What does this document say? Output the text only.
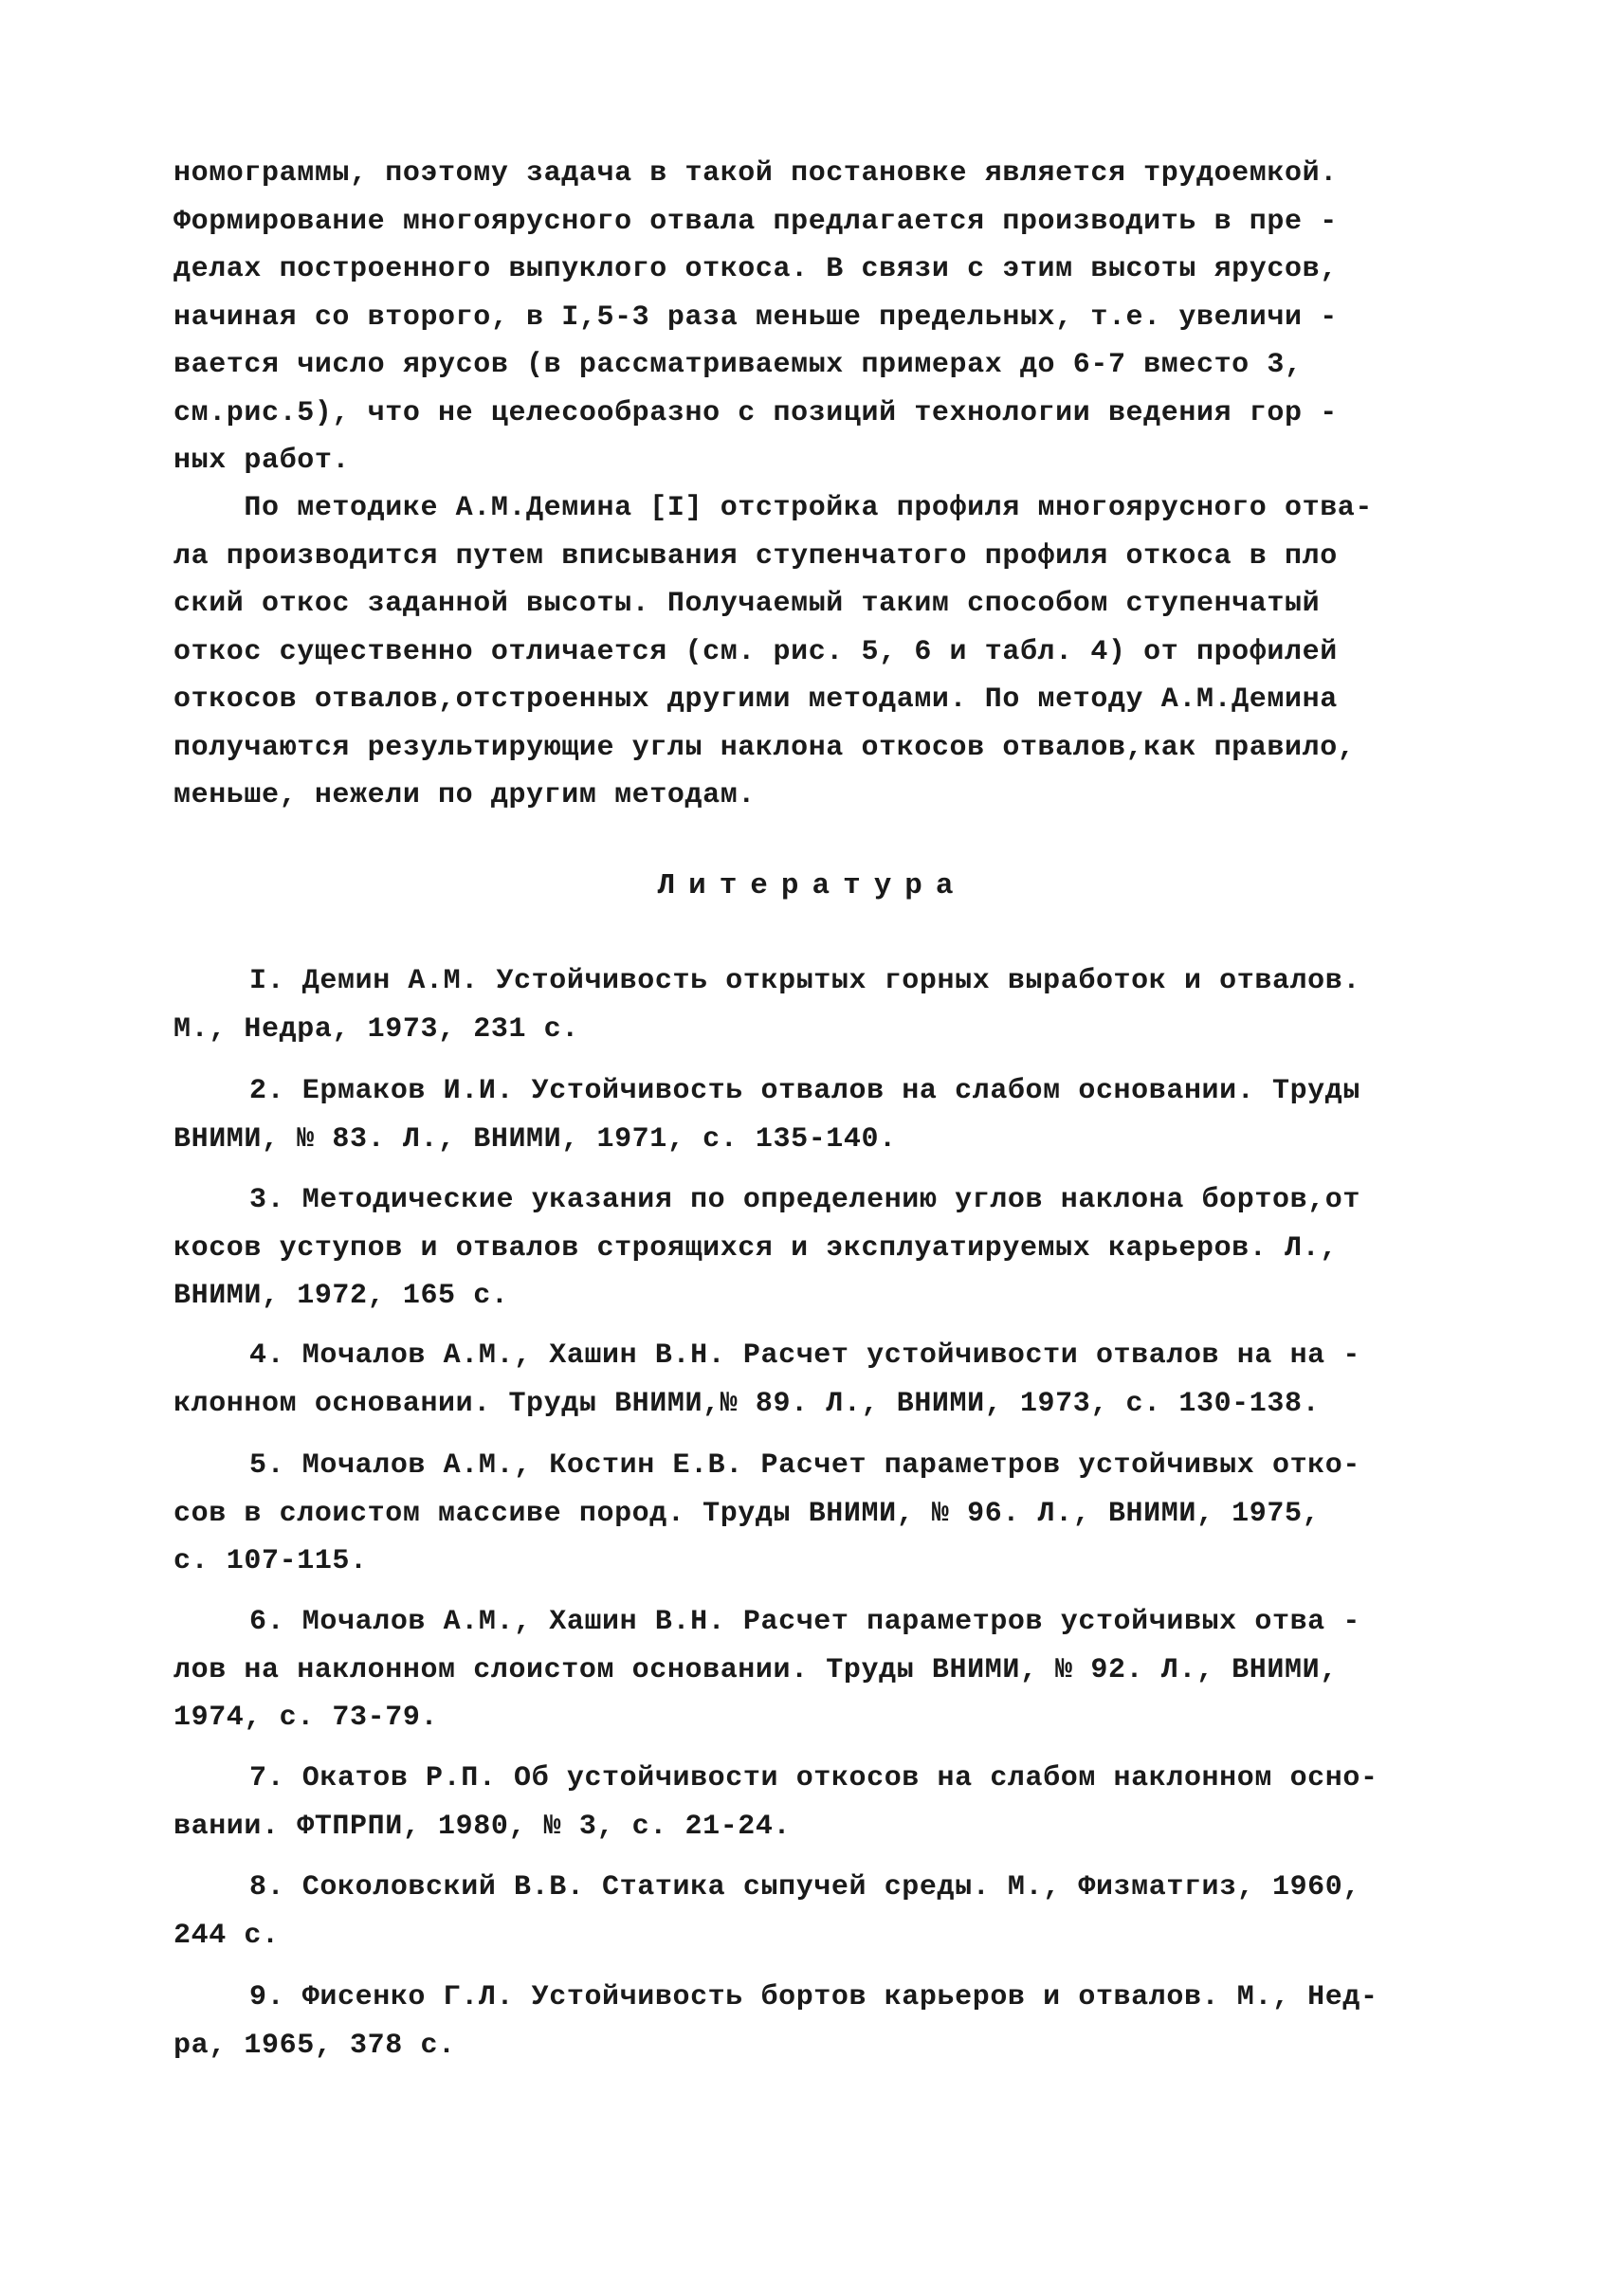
номограммы, поэтому задача в такой постановке является трудоемкой.
Формирование многоярусного отвала предлагается производить в пре -
делах построенного выпуклого откоса. В связи с этим высоты ярусов,
начиная со второго, в I,5-3 раза меньше предельных, т.е. увеличи -
вается число ярусов (в рассматриваемых примерах до 6-7 вместо 3,
см.рис.5), что не целесообразно с позиций технологии ведения гор -
ных работ.
По методике А.М.Демина [I] отстройка профиля многоярусного отва-
ла производится путем вписывания ступенчатого профиля откоса в пло
ский откос заданной высоты. Получаемый таким способом ступенчатый
откос существенно отличается (см. рис. 5, 6 и табл. 4) от профилей
откосов отвалов,отстроенных другими методами. По методу А.М.Демина
получаются результирующие углы наклона откосов отвалов,как правило,
меньше, нежели по другим методам.
Литература
I. Демин А.М. Устойчивость открытых горных выработок и отвалов.
М., Недра, 1973, 231 с.
2. Ермаков И.И. Устойчивость отвалов на слабом основании. Труды
ВНИМИ, № 83. Л., ВНИМИ, 1971, с. 135-140.
3. Методические указания по определению углов наклона бортов,от
косов уступов и отвалов строящихся и эксплуатируемых карьеров. Л.,
ВНИМИ, 1972, 165 с.
4. Мочалов А.М., Хашин В.Н. Расчет устойчивости отвалов на на -
клонном основании. Труды ВНИМИ,№ 89. Л., ВНИМИ, 1973, с. 130-138.
5. Мочалов А.М., Костин Е.В. Расчет параметров устойчивых отко-
сов в слоистом массиве пород. Труды ВНИМИ, № 96. Л., ВНИМИ, 1975,
с. 107-115.
6. Мочалов А.М., Хашин В.Н. Расчет параметров устойчивых отва -
лов на наклонном слоистом основании. Труды ВНИМИ, № 92. Л., ВНИМИ,
1974, с. 73-79.
7. Окатов Р.П. Об устойчивости откосов на слабом наклонном осно-
вании. ФТПРПИ, 1980, № 3, с. 21-24.
8. Соколовский В.В. Статика сыпучей среды. М., Физматгиз, 1960,
244 с.
9. Фисенко Г.Л. Устойчивость бортов карьеров и отвалов. М., Нед-
ра, 1965, 378 с.
